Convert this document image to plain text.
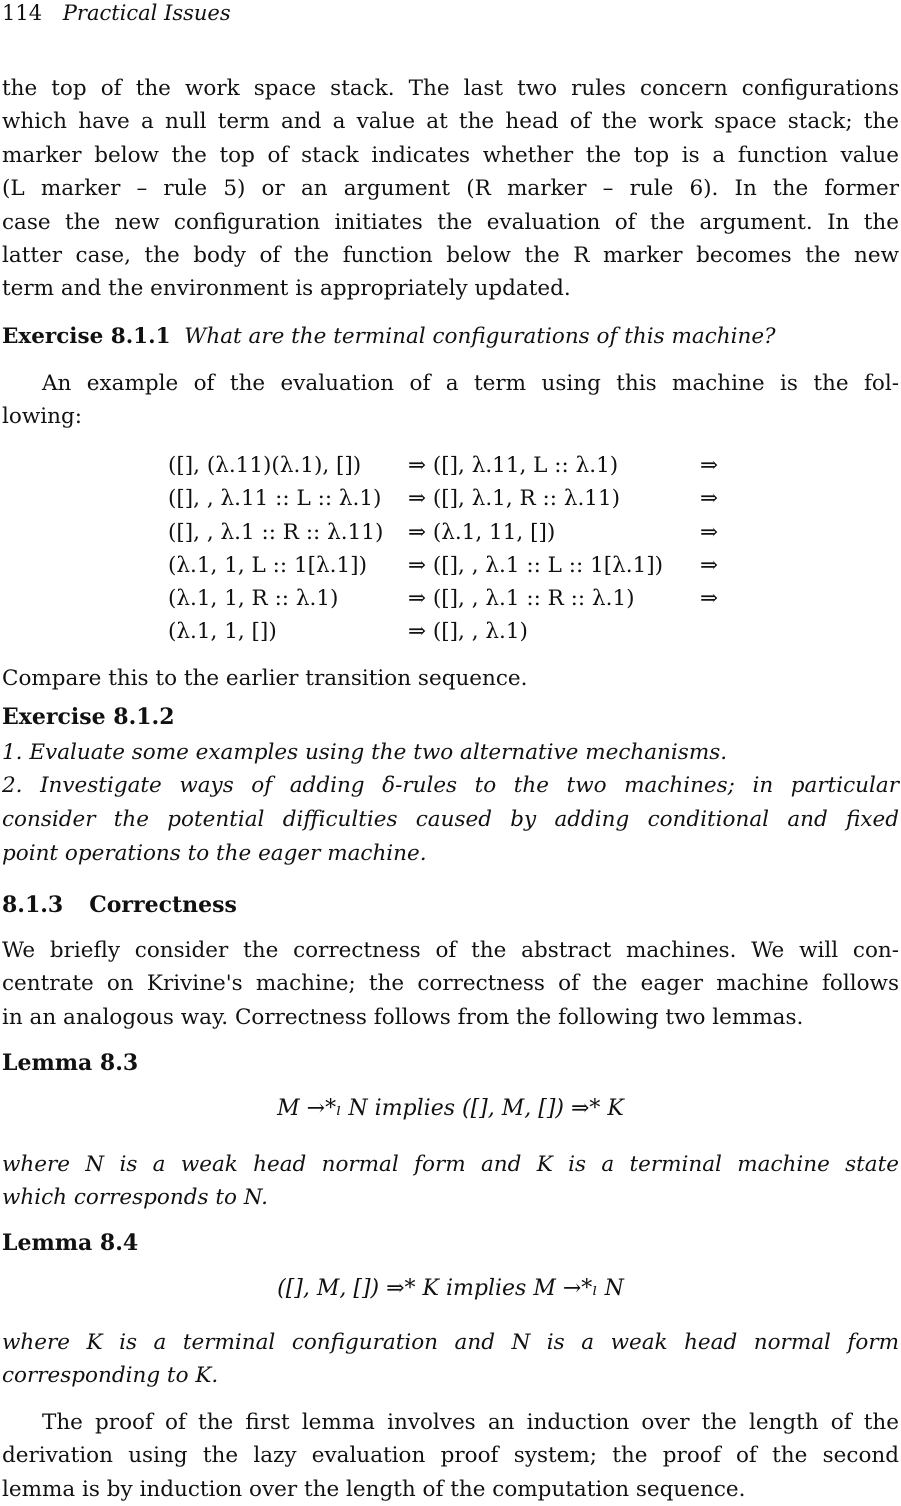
114 Practical Issues
the top of the work space stack. The last two rules concern configurations
which have a null term and a value at the head of the work space stack; the
marker below the top of stack indicates whether the top is a function value
(L marker – rule 5) or an argument (R marker – rule 6). In the former
case the new configuration initiates the evaluation of the argument. In the
latter case, the body of the function below the R marker becomes the new
term and the environment is appropriately updated.
Exercise 8.1.1 What are the terminal configurations of this machine?
An example of the evaluation of a term using this machine is the fol-
lowing:
([], (λ.11)(λ.1), []) ⇒ ([], λ.11, L :: λ.1)	⇒
([], , λ.11 :: L :: λ.1) ⇒ ([], λ.1, R :: λ.11)	⇒
([], , λ.1 :: R :: λ.11) ⇒ (λ.1, 11, [])	⇒
(λ.1, 1, L :: 1[λ.1]) ⇒ ([], , λ.1 :: L :: 1[λ.1]) ⇒
(λ.1, 1, R :: λ.1)	⇒ ([], , λ.1 :: R :: λ.1)	⇒
(λ.1, 1, [])	⇒ ([], , λ.1)
Compare this to the earlier transition sequence.
Exercise 8.1.2
1. Evaluate some examples using the two alternative mechanisms.
2. Investigate ways of adding δ-rules to the two machines; in particular
consider the potential difficulties caused by adding conditional and fixed
point operations to the eager machine.
8.1.3 Correctness
We briefly consider the correctness of the abstract machines. We will con-
centrate on Krivine's machine; the correctness of the eager machine follows
in an analogous way. Correctness follows from the following two lemmas.
Lemma 8.3
M →*ₗ N implies ([], M, []) ⇒* K
where N is a weak head normal form and K is a terminal machine state
which corresponds to N.
Lemma 8.4
([], M, []) ⇒* K implies M →*ₗ N
where K is a terminal configuration and N is a weak head normal form
corresponding to K.
The proof of the first lemma involves an induction over the length of the
derivation using the lazy evaluation proof system; the proof of the second
lemma is by induction over the length of the computation sequence.
